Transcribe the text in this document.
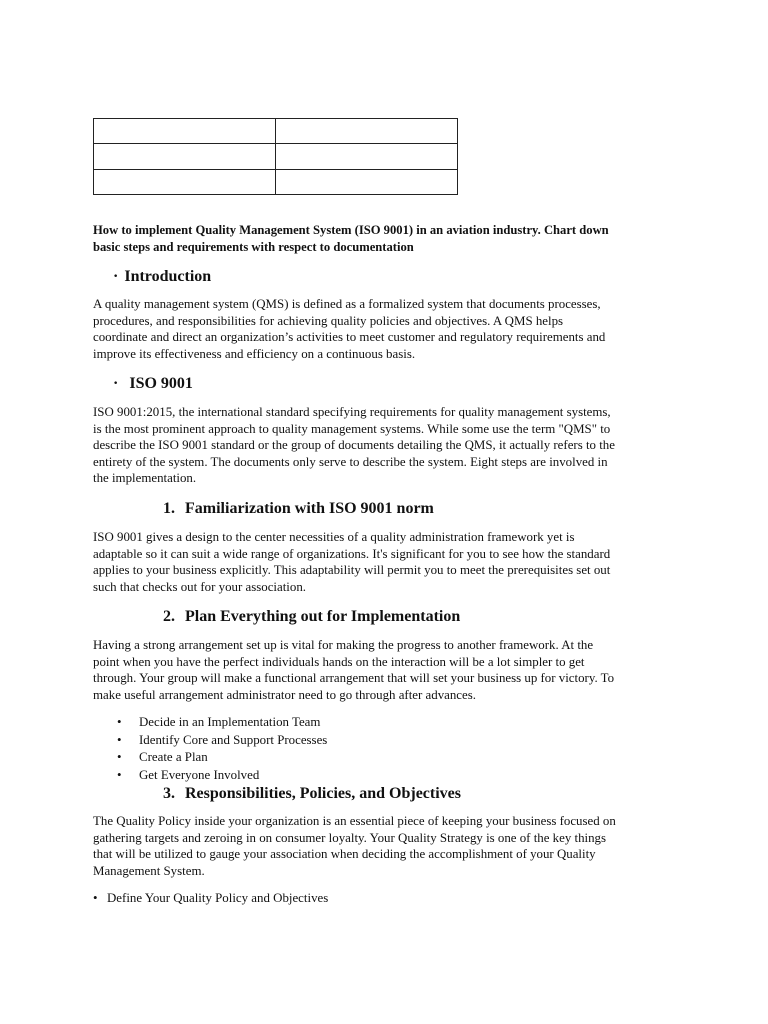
How to implement Quality Management System (ISO 9001) in an aviation industry. Chart down
basic steps and requirements with respect to documentation
· Introduction
A quality management system (QMS) is defined as a formalized system that documents processes,
procedures, and responsibilities for achieving quality policies and objectives. A QMS helps
coordinate and direct an organization’s activities to meet customer and regulatory requirements and
improve its effectiveness and efficiency on a continuous basis.
· ISO 9001
ISO 9001:2015, the international standard specifying requirements for quality management systems,
is the most prominent approach to quality management systems. While some use the term "QMS" to
describe the ISO 9001 standard or the group of documents detailing the QMS, it actually refers to the
entirety of the system. The documents only serve to describe the system. Eight steps are involved in
the implementation.
1. Familiarization with ISO 9001 norm
ISO 9001 gives a design to the center necessities of a quality administration framework yet is
adaptable so it can suit a wide range of organizations. It's significant for you to see how the standard
applies to your business explicitly. This adaptability will permit you to meet the prerequisites set out
such that checks out for your association.
2. Plan Everything out for Implementation
Having a strong arrangement set up is vital for making the progress to another framework. At the
point when you have the perfect individuals hands on the interaction will be a lot simpler to get
through. Your group will make a functional arrangement that will set your business up for victory. To
make useful arrangement administrator need to go through after advances.
• Decide in an Implementation Team
• Identify Core and Support Processes
• Create a Plan
• Get Everyone Involved
3. Responsibilities, Policies, and Objectives
The Quality Policy inside your organization is an essential piece of keeping your business focused on
gathering targets and zeroing in on consumer loyalty. Your Quality Strategy is one of the key things
that will be utilized to gauge your association when deciding the accomplishment of your Quality
Management System.
• Define Your Quality Policy and Objectives
